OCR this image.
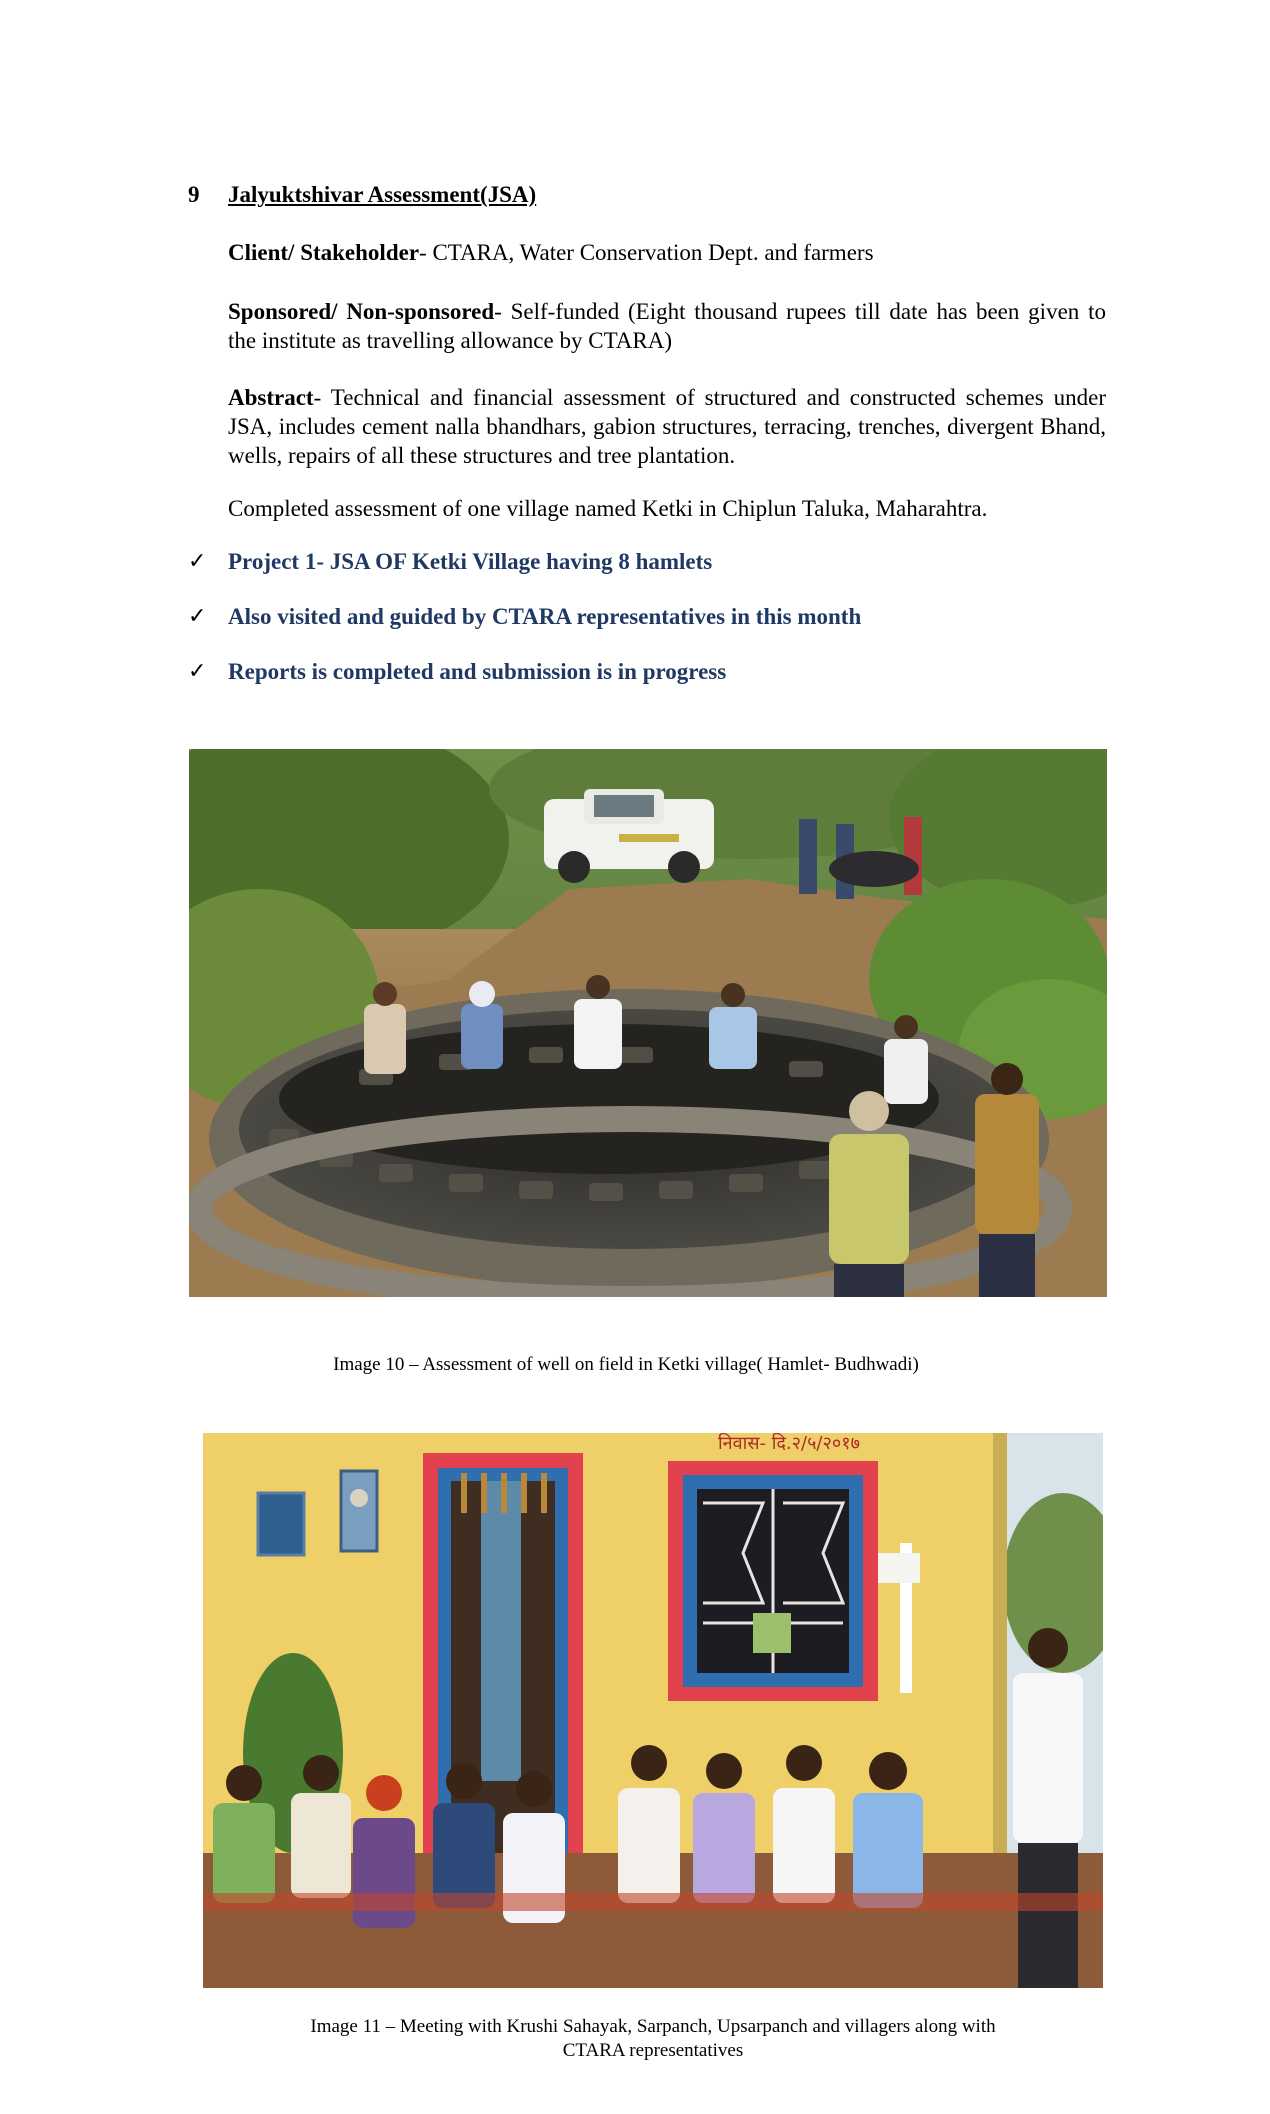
9	Jalyuktshivar Assessment(JSA)
Client/ Stakeholder- CTARA, Water Conservation Dept. and farmers
Sponsored/ Non-sponsored- Self-funded (Eight thousand rupees till date has been given to the institute as travelling allowance by CTARA)
Abstract- Technical and financial assessment of structured and constructed schemes under JSA, includes cement nalla bhandhars, gabion structures, terracing, trenches, divergent Bhand, wells, repairs of all these structures and tree plantation.
Completed assessment of one village named Ketki in Chiplun Taluka, Maharahtra.
✓ Project 1- JSA OF Ketki Village having 8 hamlets
✓ Also visited and guided by CTARA representatives in this month
✓ Reports is completed and submission is in progress
Image 10 – Assessment of well on field in Ketki village( Hamlet- Budhwadi)
निवास- दि.२/५/२०१७
Image 11 – Meeting with Krushi Sahayak, Sarpanch, Upsarpanch and villagers along with
CTARA representatives
